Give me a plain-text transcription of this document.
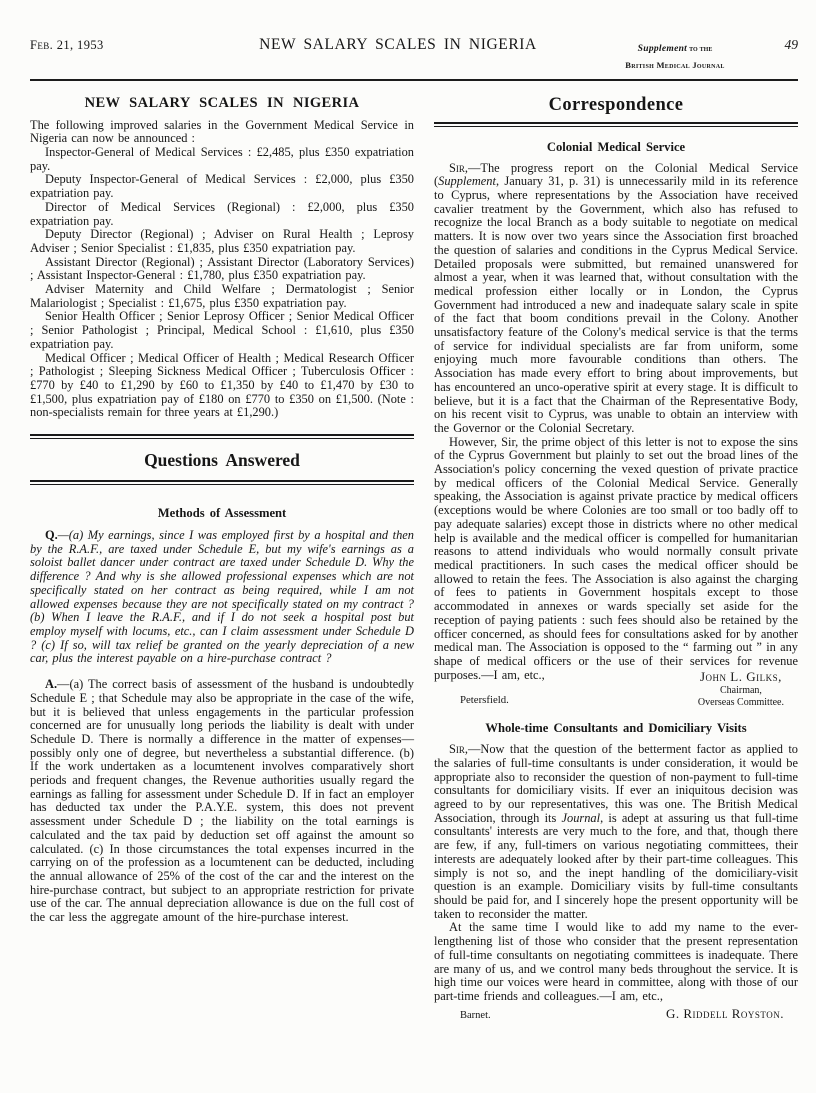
Feb. 21, 1953	NEW SALARY SCALES IN NIGERIA	Supplement to the
British Medical Journal
49
NEW SALARY SCALES IN NIGERIA

The following improved salaries in the Government Medical Service in Nigeria can now be announced :

Inspector-General of Medical Services : £2,485, plus £350 expatriation pay.

Deputy Inspector-General of Medical Services : £2,000, plus £350 expatriation pay.

Director of Medical Services (Regional) : £2,000, plus £350 expatriation pay.

Deputy Director (Regional) ; Adviser on Rural Health ; Leprosy Adviser ; Senior Specialist : £1,835, plus £350 expatriation pay.

Assistant Director (Regional) ; Assistant Director (Laboratory Services) ; Assistant Inspector-General : £1,780, plus £350 expatriation pay.

Adviser Maternity and Child Welfare ; Dermatologist ; Senior Malariologist ; Specialist : £1,675, plus £350 expatriation pay.

Senior Health Officer ; Senior Leprosy Officer ; Senior Medical Officer ; Senior Pathologist ; Principal, Medical School : £1,610, plus £350 expatriation pay.

Medical Officer ; Medical Officer of Health ; Medical Research Officer ; Pathologist ; Sleeping Sickness Medical Officer ; Tuberculosis Officer : £770 by £40 to £1,290 by £60 to £1,350 by £40 to £1,470 by £30 to £1,500, plus expatriation pay of £180 on £770 to £350 on £1,500. (Note : non-specialists remain for three years at £1,290.)

Questions Answered
Methods of Assessment

Q.—(a) My earnings, since I was employed first by a hospital and then by the R.A.F., are taxed under Schedule E, but my wife's earnings as a soloist ballet dancer under contract are taxed under Schedule D. Why the difference ? And why is she allowed professional expenses which are not specifically stated on her contract as being required, while I am not allowed expenses because they are not specifically stated on my contract ? (b) When I leave the R.A.F., and if I do not seek a hospital post but employ myself with locums, etc., can I claim assessment under Schedule D ? (c) If so, will tax relief be granted on the yearly depreciation of a new car, plus the interest payable on a hire-purchase contract ?

A.—(a) The correct basis of assessment of the husband is undoubtedly Schedule E ; that Schedule may also be appropriate in the case of the wife, but it is believed that unless engagements in the particular profession concerned are for unusually long periods the liability is dealt with under Schedule D. There is normally a difference in the matter of expenses—possibly only one of degree, but nevertheless a substantial difference. (b) If the work undertaken as a locumtenent involves comparatively short periods and frequent changes, the Revenue authorities usually regard the earnings as falling for assessment under Schedule D. If in fact an employer has deducted tax under the P.A.Y.E. system, this does not prevent assessment under Schedule D ; the liability on the total earnings is calculated and the tax paid by deduction set off against the amount so calculated. (c) In those circumstances the total expenses incurred in the carrying on of the profession as a locumtenent can be deducted, including the annual allowance of 25% of the cost of the car and the interest on the hire-purchase contract, but subject to an appropriate restriction for private use of the car. The annual depreciation allowance is due on the full cost of the car less the aggregate amount of the hire-purchase interest.

Correspondence
Colonial Medical Service

Sir,—The progress report on the Colonial Medical Service (Supplement, January 31, p. 31) is unnecessarily mild in its reference to Cyprus, where representations by the Association have received cavalier treatment by the Government, which also has refused to recognize the local Branch as a body suitable to negotiate on medical matters. It is now over two years since the Association first broached the question of salaries and conditions in the Cyprus Medical Service. Detailed proposals were submitted, but remained unanswered for almost a year, when it was learned that, without consultation with the medical profession either locally or in London, the Cyprus Government had introduced a new and inadequate salary scale in spite of the fact that boom conditions prevail in the Colony. Another unsatisfactory feature of the Colony's medical service is that the terms of service for individual specialists are far from uniform, some enjoying much more favourable conditions than others. The Association has made every effort to bring about improvements, but has encountered an unco-operative spirit at every stage. It is difficult to believe, but it is a fact that the Chairman of the Representative Body, on his recent visit to Cyprus, was unable to obtain an interview with the Governor or the Colonial Secretary.

However, Sir, the prime object of this letter is not to expose the sins of the Cyprus Government but plainly to set out the broad lines of the Association's policy concerning the vexed question of private practice by medical officers of the Colonial Medical Service. Generally speaking, the Association is against private practice by medical officers (exceptions would be where Colonies are too small or too badly off to pay adequate salaries) except those in districts where no other medical help is available and the medical officer is compelled for humanitarian reasons to attend individuals who would normally consult private medical practitioners. In such cases the medical officer should be allowed to retain the fees. The Association is also against the charging of fees to patients in Government hospitals except to those accommodated in annexes or wards specially set aside for the reception of paying patients : such fees should also be retained by the officer concerned, as should fees for consultations asked for by another medical man. The Association is opposed to the “ farming out ” in any shape of medical officers or the use of their services for revenue purposes.—I am, etc.,

Petersfield.
John L. Gilks,
Chairman,
Overseas Committee.
Whole-time Consultants and Domiciliary Visits

Sir,—Now that the question of the betterment factor as applied to the salaries of full-time consultants is under consideration, it would be appropriate also to reconsider the question of non-payment to full-time consultants for domiciliary visits. If ever an iniquitous decision was agreed to by our representatives, this was one. The British Medical Association, through its Journal, is adept at assuring us that full-time consultants' interests are very much to the fore, and that, though there are few, if any, full-timers on various negotiating committees, their interests are adequately looked after by their part-time colleagues. This simply is not so, and the inept handling of the domiciliary-visit question is an example. Domiciliary visits by full-time consultants should be paid for, and I sincerely hope the present opportunity will be taken to reconsider the matter.

At the same time I would like to add my name to the ever-lengthening list of those who consider that the present representation of full-time consultants on negotiating committees is inadequate. There are many of us, and we control many beds throughout the service. It is high time our voices were heard in committee, along with those of our part-time friends and colleagues.—I am, etc.,

Barnet.	G. Riddell Royston.
